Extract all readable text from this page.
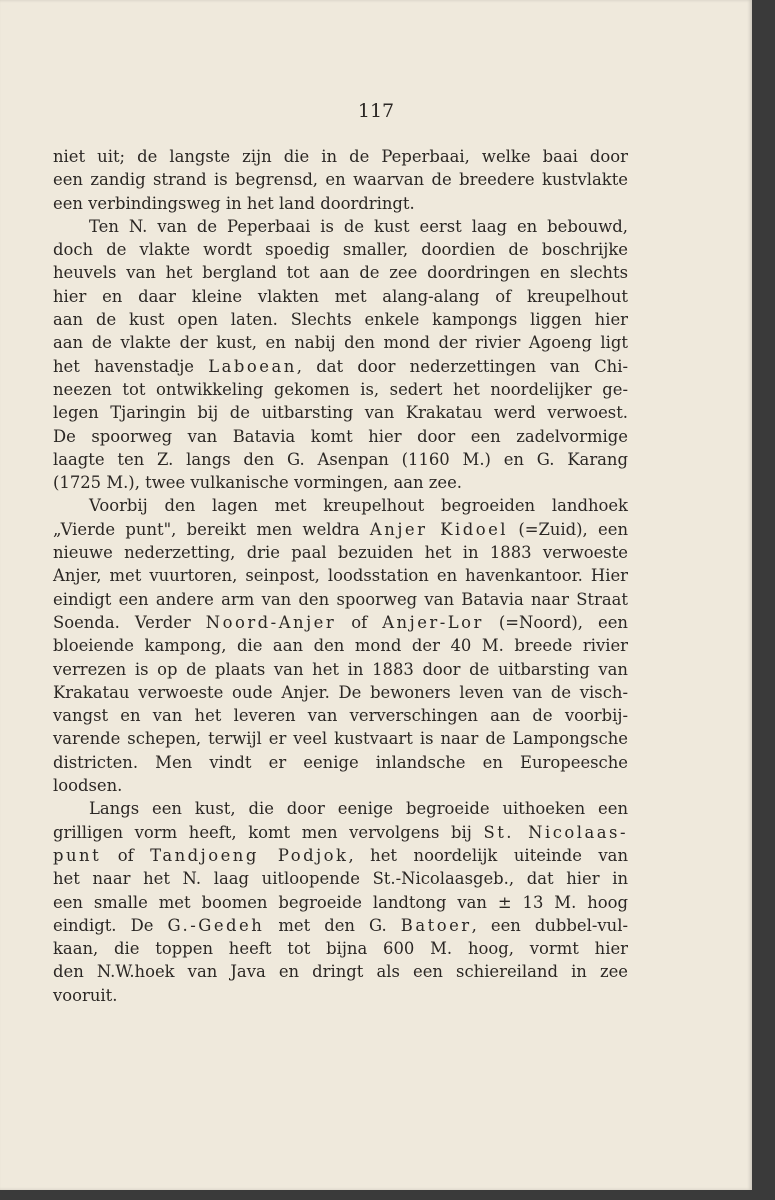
117

niet uit; de langste zijn die in de Peperbaai, welke baai door

een zandig strand is begrensd, en waarvan de breedere kustvlakte

een verbindingsweg in het land doordringt.

Ten N. van de Peperbaai is de kust eerst laag en bebouwd,

doch de vlakte wordt spoedig smaller, doordien de boschrijke

heuvels van het bergland tot aan de zee doordringen en slechts

hier en daar kleine vlakten met alang-alang of kreupelhout

aan de kust open laten. Slechts enkele kampongs liggen hier

aan de vlakte der kust, en nabij den mond der rivier Agoeng ligt

het havenstadje Laboean, dat door nederzettingen van Chi-

neezen tot ontwikkeling gekomen is, sedert het noordelijker ge-

legen Tjaringin bij de uitbarsting van Krakatau werd verwoest.

De spoorweg van Batavia komt hier door een zadelvormige

laagte ten Z. langs den G. Asenpan (1160 M.) en G. Karang

(1725 M.), twee vulkanische vormingen, aan zee.

Voorbij den lagen met kreupelhout begroeiden landhoek

„Vierde punt", bereikt men weldra Anjer Kidoel (=Zuid), een

nieuwe nederzetting, drie paal bezuiden het in 1883 verwoeste

Anjer, met vuurtoren, seinpost, loodsstation en havenkantoor. Hier

eindigt een andere arm van den spoorweg van Batavia naar Straat

Soenda. Verder Noord-Anjer of Anjer-Lor (=Noord), een

bloeiende kampong, die aan den mond der 40 M. breede rivier

verrezen is op de plaats van het in 1883 door de uitbarsting van

Krakatau verwoeste oude Anjer. De bewoners leven van de visch-

vangst en van het leveren van ververschingen aan de voorbij-

varende schepen, terwijl er veel kustvaart is naar de Lampongsche

districten. Men vindt er eenige inlandsche en Europeesche

loodsen.

Langs een kust, die door eenige begroeide uithoeken een

grilligen vorm heeft, komt men vervolgens bij St. Nicolaas-

punt of Tandjoeng Podjok, het noordelijk uiteinde van

het naar het N. laag uitloopende St.-Nicolaasgeb., dat hier in

een smalle met boomen begroeide landtong van ± 13 M. hoog

eindigt. De G.-Gedeh met den G. Batoer, een dubbel-vul-

kaan, die toppen heeft tot bijna 600 M. hoog, vormt hier

den N.W.hoek van Java en dringt als een schiereiland in zee

vooruit.
